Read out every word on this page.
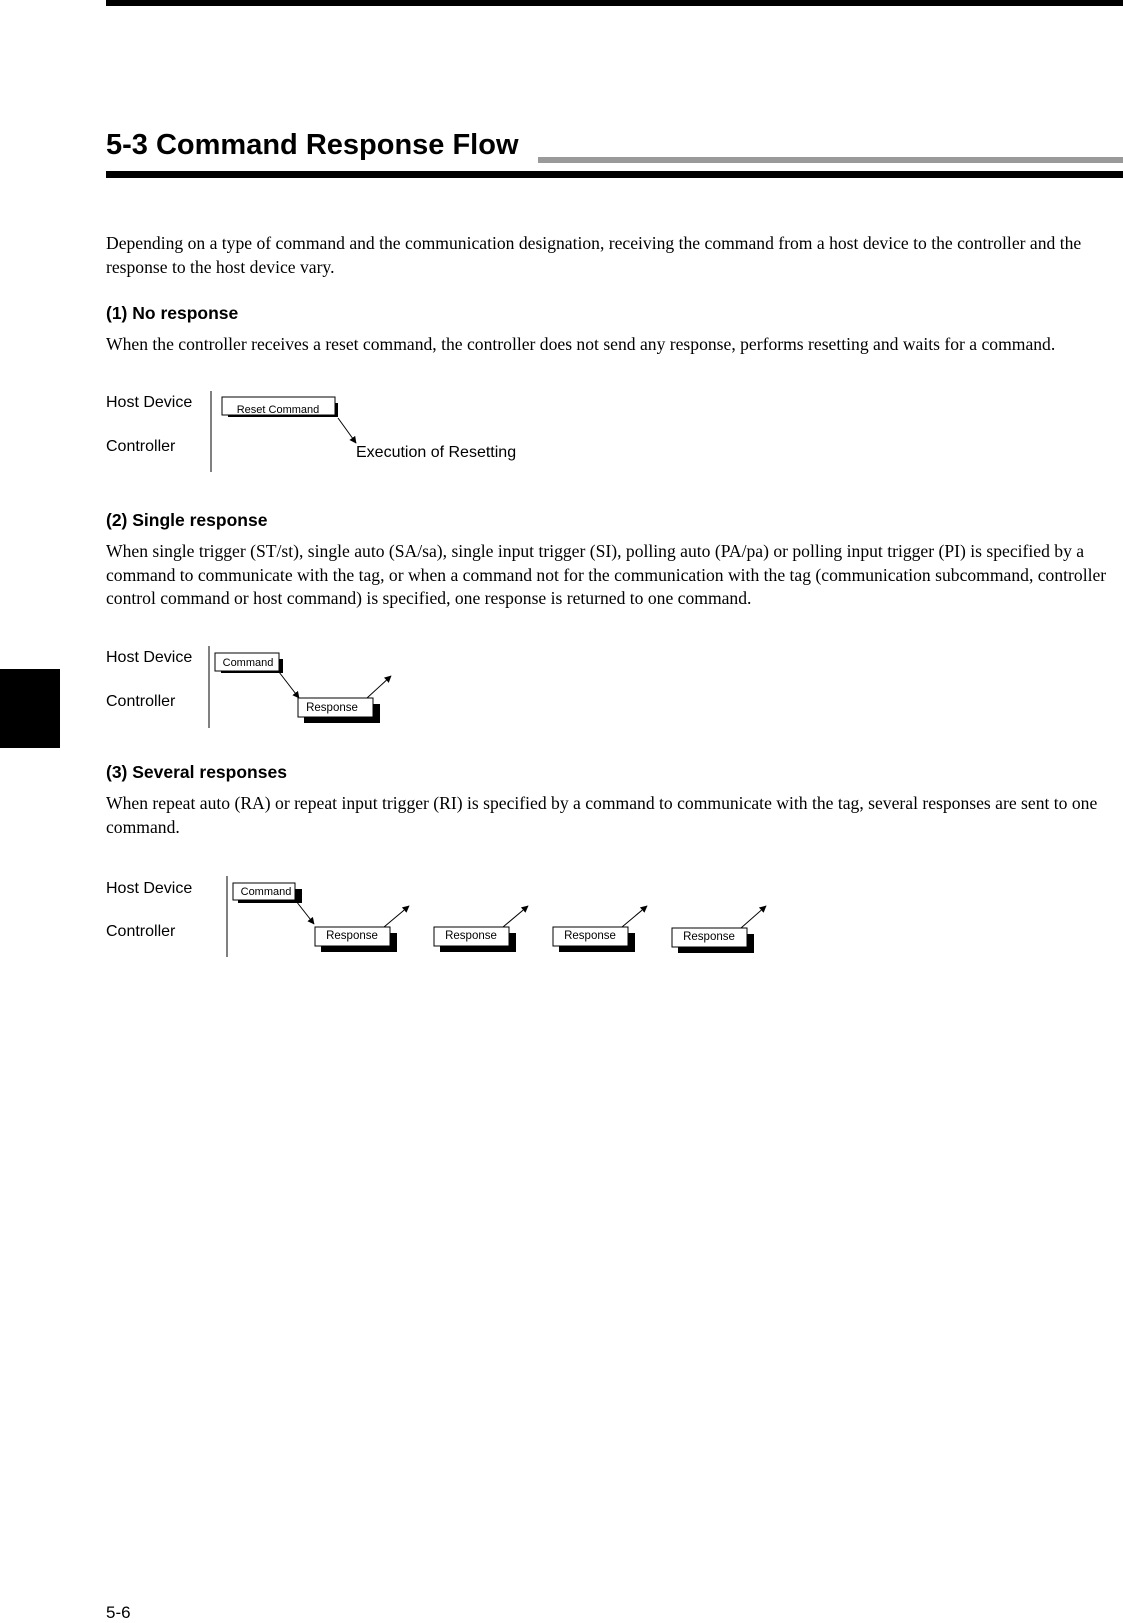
5-3 Command Response Flow
Depending on a type of command and the communication designation, receiving the command from a host device to the controller and the response to the host device vary.
(1) No response
When the controller receives a reset command, the controller does not send any response, performs resetting and waits for a command.
Host Device
Controller
Reset Command
Execution of Resetting
Command
Response
Command
Response	Response	Response	Response
(2) Single response
When single trigger (ST/st), single auto (SA/sa), single input trigger (SI), polling auto (PA/pa) or polling input trigger (PI) is specified by a command to communicate with the tag, or when a command not for the communication with the tag (communication subcommand, controller control command or host command) is specified, one response is returned to one command.
Host Device
Controller
(3) Several responses
When repeat auto (RA) or repeat input trigger (RI) is specified by a command to communicate with the tag, several responses are sent to one command.
Host Device
Controller
5-6
